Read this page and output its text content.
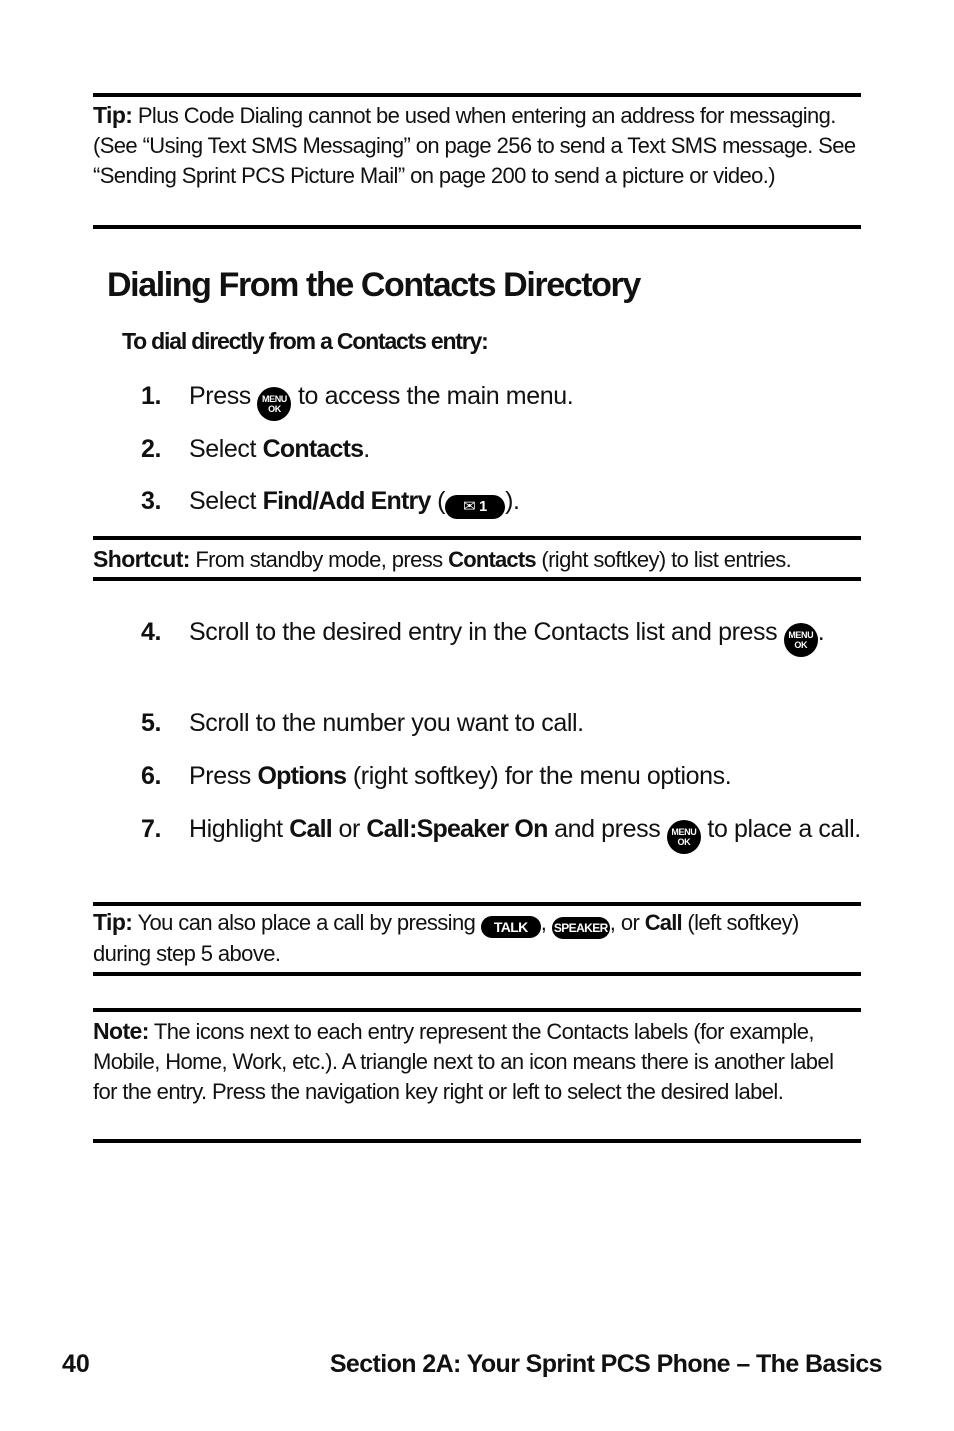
Tip: Plus Code Dialing cannot be used when entering an address for messaging. (See “Using Text SMS Messaging” on page 256 to send a Text SMS message. See “Sending Sprint PCS Picture Mail” on page 200 to send a picture or video.)
Dialing From the Contacts Directory
To dial directly from a Contacts entry:
1.	Press MENU
OK to access the main menu.
2.	Select Contacts.
3.	Select Find/Add Entry ( ✉ 1 ).
Shortcut: From standby mode, press Contacts (right softkey) to list entries.
4.	Scroll to the desired entry in the Contacts list and press MENU
OK .
5.	Scroll to the number you want to call.
6.	Press Options (right softkey) for the menu options.
7.	Highlight Call or Call:Speaker On and press MENU
OK to place a call.
Tip: You can also place a call by pressing TALK , SPEAKER, or Call (left softkey) during step 5 above.
Note: The icons next to each entry represent the Contacts labels (for example, Mobile, Home, Work, etc.). A triangle next to an icon means there is another label for the entry. Press the navigation key right or left to select the desired label.
40	Section 2A: Your Sprint PCS Phone – The Basics
